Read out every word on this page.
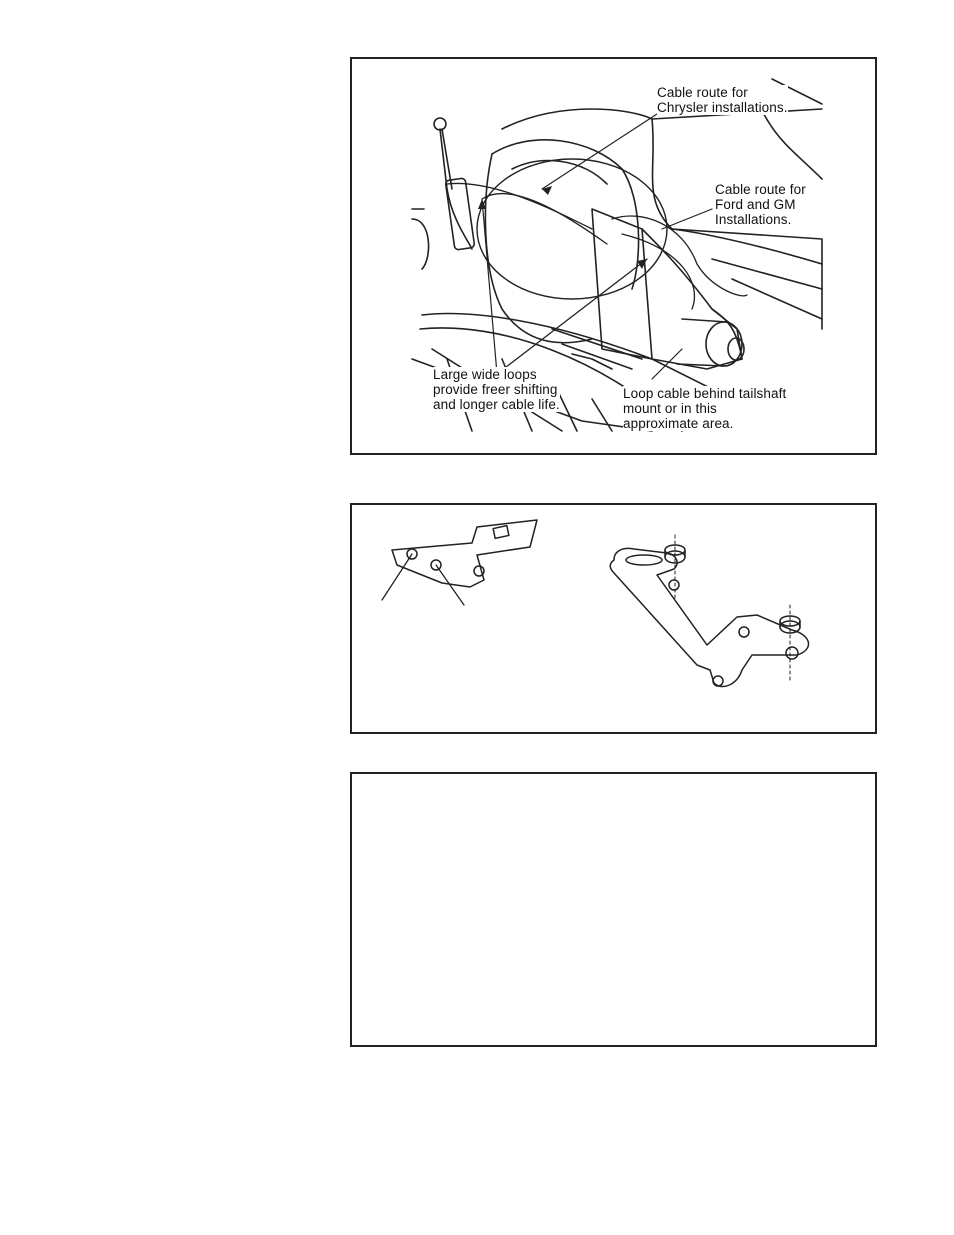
Cable route for
Chrysler installations.
Cable route for
Ford and GM
Installations.
Large wide loops
provide freer shifting
and longer cable life.
Loop cable behind tailshaft
mount or in this
approximate area.
